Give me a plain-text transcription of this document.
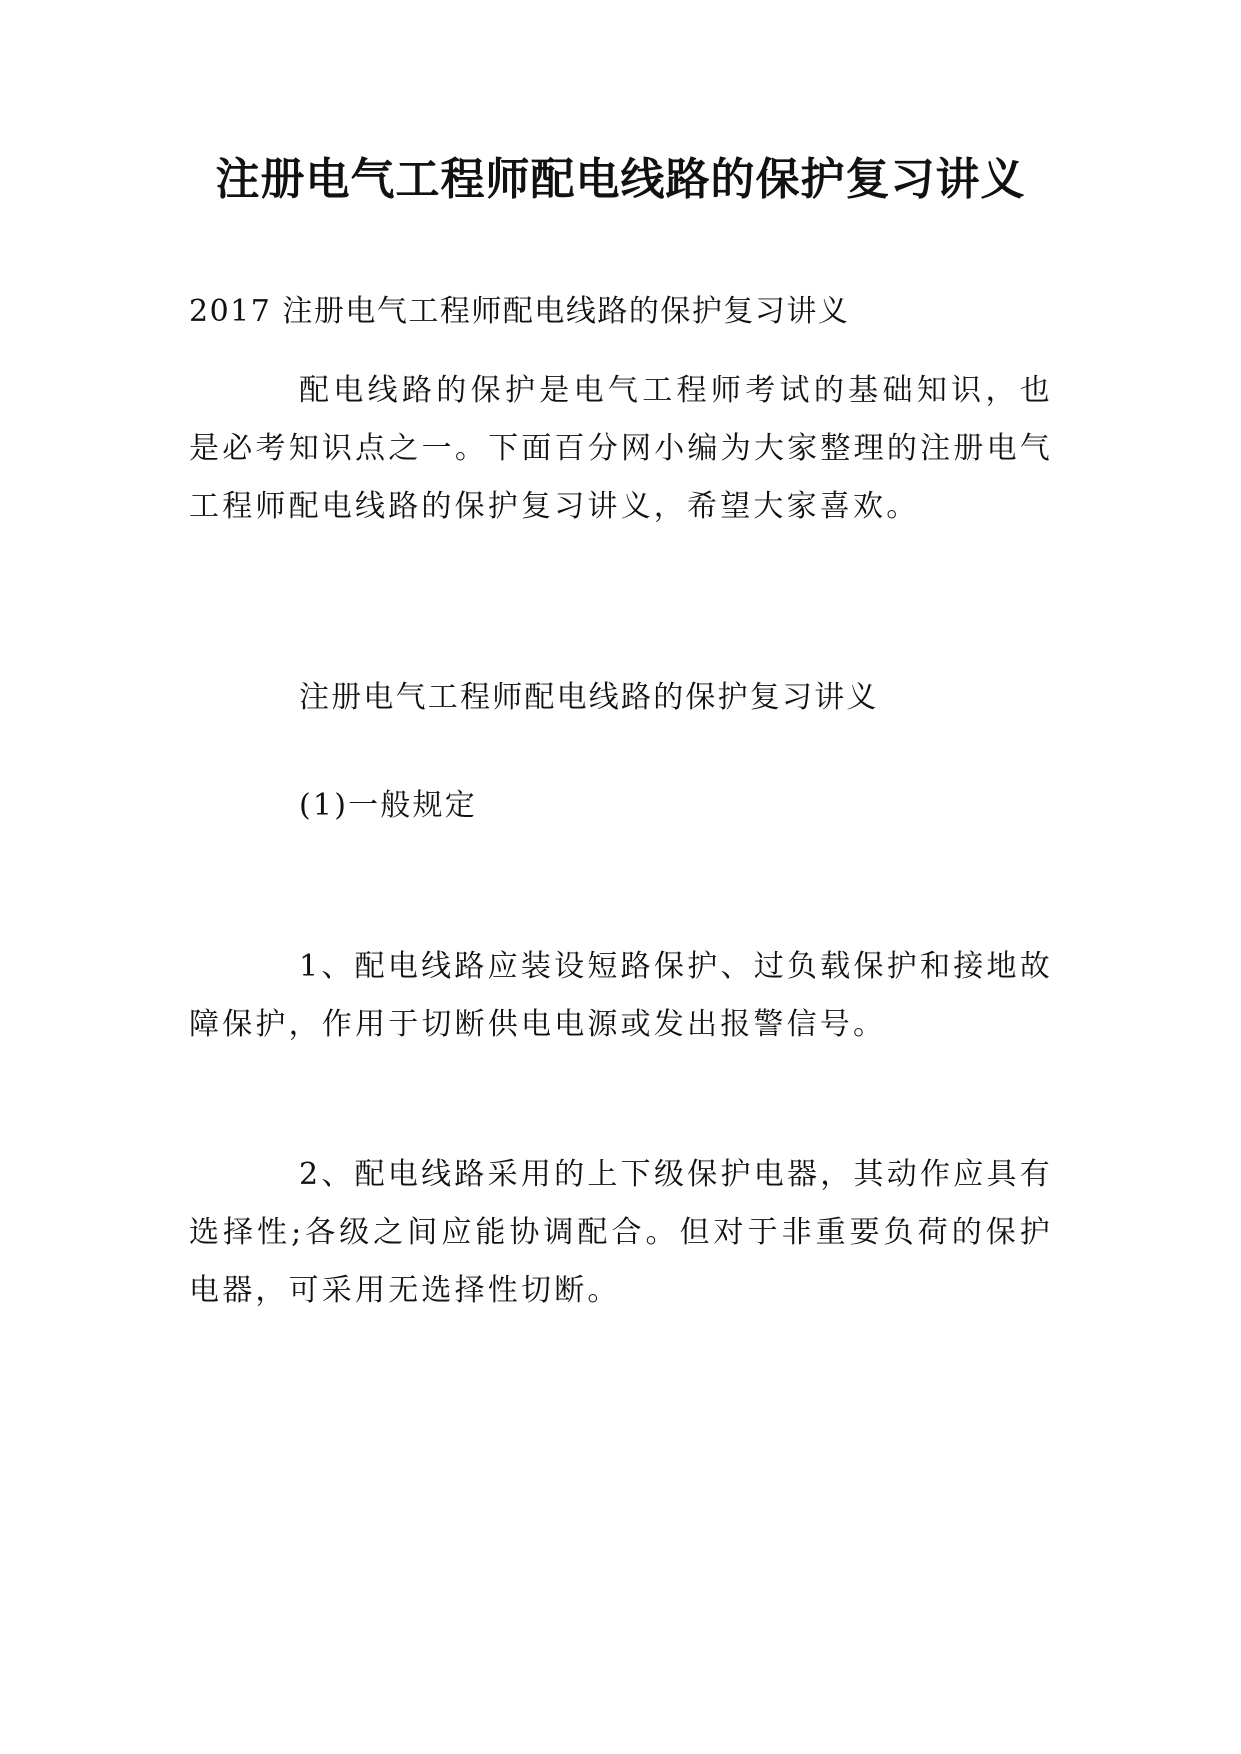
注册电气工程师配电线路的保护复习讲义

2017 注册电气工程师配电线路的保护复习讲义

配电线路的保护是电气工程师考试的基础知识，也是必考知识点之一。下面百分网小编为大家整理的注册电气工程师配电线路的保护复习讲义，希望大家喜欢。

注册电气工程师配电线路的保护复习讲义

(1)一般规定

1、配电线路应装设短路保护、过负载保护和接地故障保护，作用于切断供电电源或发出报警信号。

2、配电线路采用的上下级保护电器，其动作应具有选择性;各级之间应能协调配合。但对于非重要负荷的保护电器，可采用无选择性切断。
